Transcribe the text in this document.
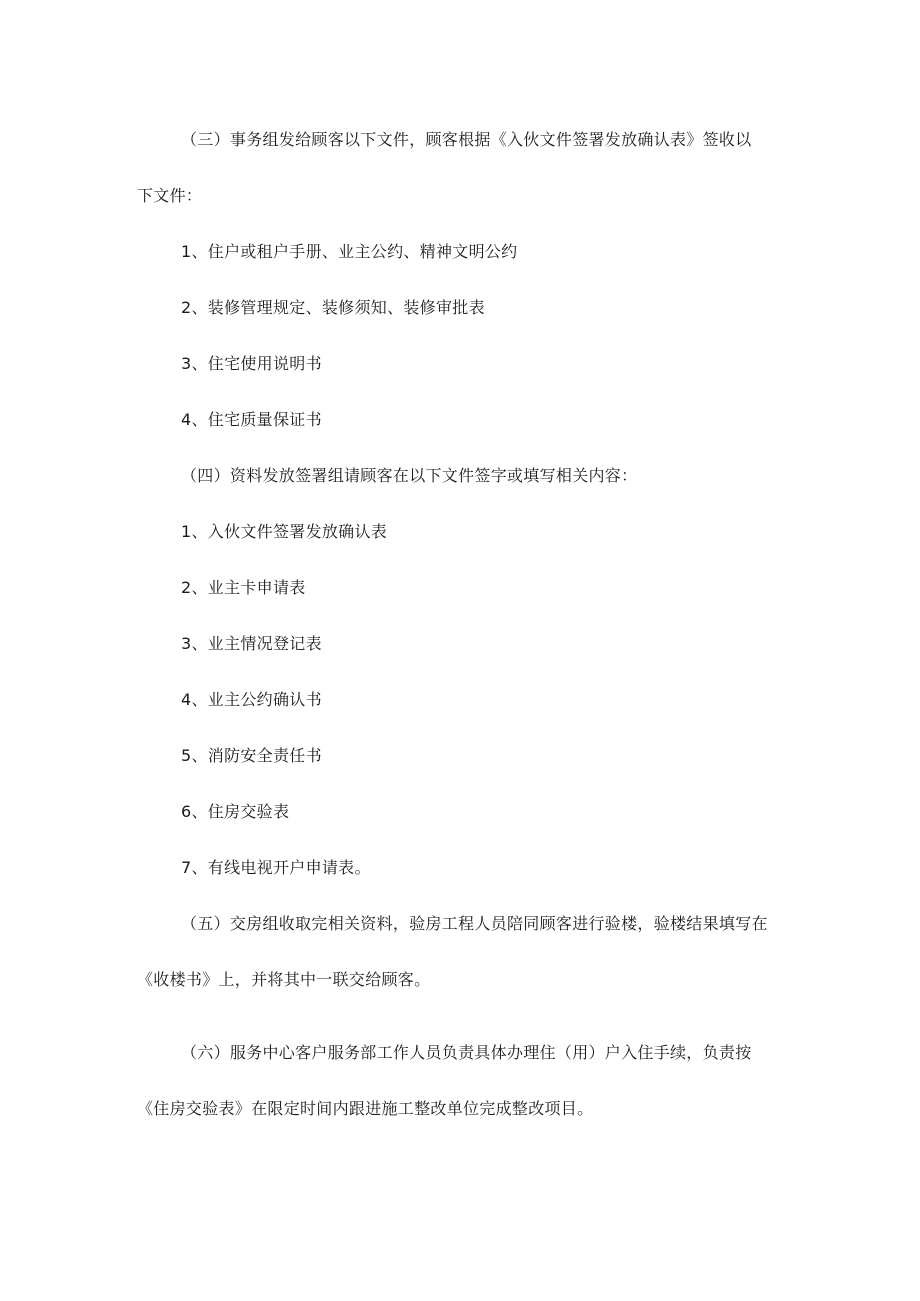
（三）事务组发给顾客以下文件，顾客根据《入伙文件签署发放确认表》签收以
下文件：
1、住户或租户手册、业主公约、精神文明公约
2、装修管理规定、装修须知、装修审批表
3、住宅使用说明书
4、住宅质量保证书
（四）资料发放签署组请顾客在以下文件签字或填写相关内容：
1、入伙文件签署发放确认表
2、业主卡申请表
3、业主情况登记表
4、业主公约确认书
5、消防安全责任书
6、住房交验表
7、有线电视开户申请表。
（五）交房组收取完相关资料，验房工程人员陪同顾客进行验楼，验楼结果填写在
《收楼书》上，并将其中一联交给顾客。
（六）服务中心客户服务部工作人员负责具体办理住（用）户入住手续，负责按
《住房交验表》在限定时间内跟进施工整改单位完成整改项目。
